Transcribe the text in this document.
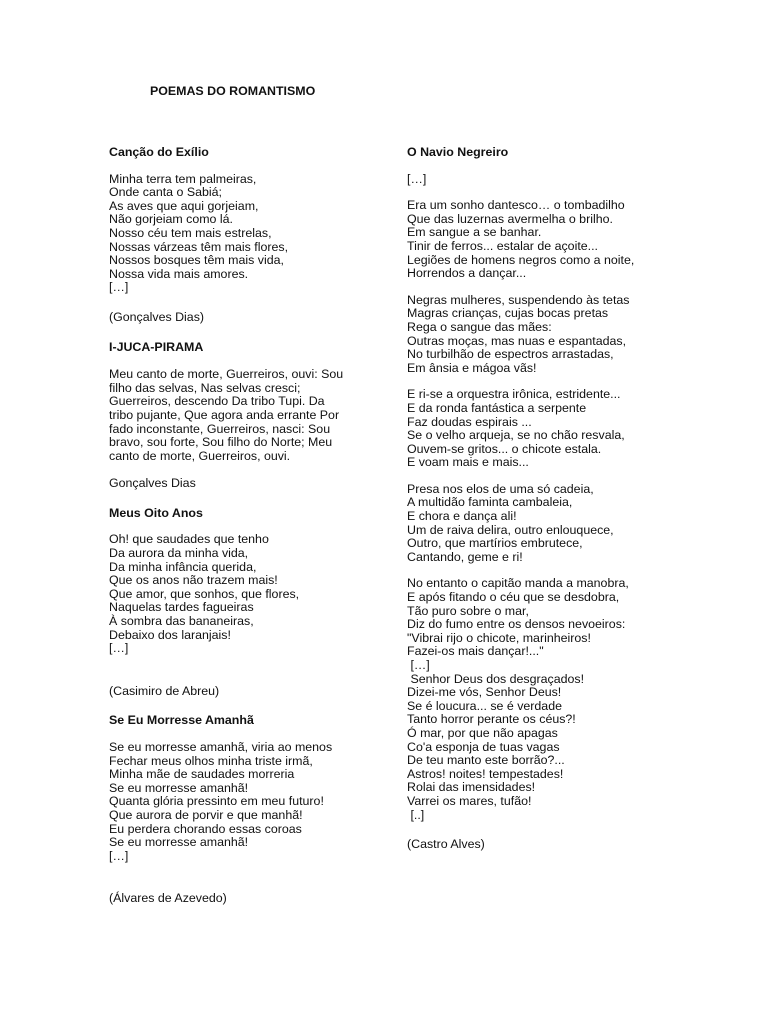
POEMAS DO ROMANTISMO

Canção do Exílio

Minha terra tem palmeiras,
Onde canta o Sabiá;
As aves que aqui gorjeiam,
Não gorjeiam como lá.
Nosso céu tem mais estrelas,
Nossas várzeas têm mais flores,
Nossos bosques têm mais vida,
Nossa vida mais amores.
[…]

(Gonçalves Dias)

I-JUCA-PIRAMA

Meu canto de morte, Guerreiros, ouvi: Sou
filho das selvas, Nas selvas cresci;
Guerreiros, descendo Da tribo Tupi. Da
tribo pujante, Que agora anda errante Por
fado inconstante, Guerreiros, nasci: Sou
bravo, sou forte, Sou filho do Norte; Meu
canto de morte, Guerreiros, ouvi.

Gonçalves Dias

Meus Oito Anos

Oh! que saudades que tenho
Da aurora da minha vida,
Da minha infância querida,
Que os anos não trazem mais!
Que amor, que sonhos, que flores,
Naquelas tardes fagueiras
À sombra das bananeiras,
Debaixo dos laranjais!
[…]

(Casimiro de Abreu)

Se Eu Morresse Amanhã

Se eu morresse amanhã, viria ao menos
Fechar meus olhos minha triste irmã,
Minha mãe de saudades morreria
Se eu morresse amanhã!
Quanta glória pressinto em meu futuro!
Que aurora de porvir e que manhã!
Eu perdera chorando essas coroas
Se eu morresse amanhã!
[…]

(Álvares de Azevedo)

O Navio Negreiro

[…]

Era um sonho dantesco… o tombadilho
Que das luzernas avermelha o brilho.
Em sangue a se banhar.
Tinir de ferros... estalar de açoite...
Legiões de homens negros como a noite,
Horrendos a dançar...
Negras mulheres, suspendendo às tetas
Magras crianças, cujas bocas pretas
Rega o sangue das mães:
Outras moças, mas nuas e espantadas,
No turbilhão de espectros arrastadas,
Em ânsia e mágoa vãs!
E ri-se a orquestra irônica, estridente...
E da ronda fantástica a serpente
Faz doudas espirais ...
Se o velho arqueja, se no chão resvala,
Ouvem-se gritos... o chicote estala.
E voam mais e mais...
Presa nos elos de uma só cadeia,
A multidão faminta cambaleia,
E chora e dança ali!
Um de raiva delira, outro enlouquece,
Outro, que martírios embrutece,
Cantando, geme e ri!
No entanto o capitão manda a manobra,
E após fitando o céu que se desdobra,
Tão puro sobre o mar,
Diz do fumo entre os densos nevoeiros:
"Vibrai rijo o chicote, marinheiros!
Fazei-os mais dançar!..."
[…]
Senhor Deus dos desgraçados!
Dizei-me vós, Senhor Deus!
Se é loucura... se é verdade
Tanto horror perante os céus?!
Ó mar, por que não apagas
Co'a esponja de tuas vagas
De teu manto este borrão?...
Astros! noites! tempestades!
Rolai das imensidades!
Varrei os mares, tufão!
[..]

(Castro Alves)
